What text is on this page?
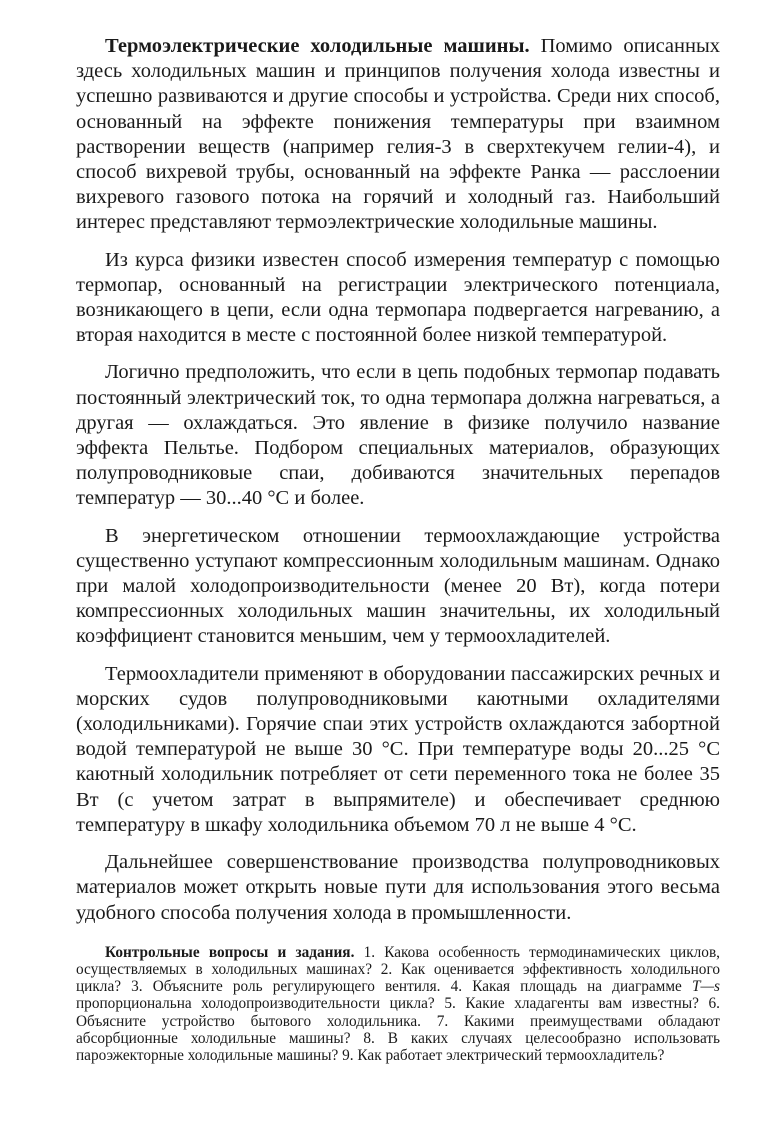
Термоэлектрические холодильные машины. Помимо описанных здесь холодильных машин и принципов получения холода известны и успешно развиваются и другие способы и устройства. Среди них способ, основанный на эффекте понижения температуры при взаимном растворении веществ (например гелия-3 в сверхтекучем гелии-4), и способ вихревой трубы, основанный на эффекте Ранка — расслоении вихревого газового потока на горячий и холодный газ. Наибольший интерес представляют термоэлектрические холодильные машины.

Из курса физики известен способ измерения температур с помощью термопар, основанный на регистрации электрического потенциала, возникающего в цепи, если одна термопара подвергается нагреванию, а вторая находится в месте с постоянной более низкой температурой.

Логично предположить, что если в цепь подобных термопар подавать постоянный электрический ток, то одна термопара должна нагреваться, а другая — охлаждаться. Это явление в физике получило название эффекта Пельтье. Подбором специальных материалов, образующих полупроводниковые спаи, добиваются значительных перепадов температур — 30...40 °С и более.

В энергетическом отношении термоохлаждающие устройства существенно уступают компрессионным холодильным машинам. Однако при малой холодопроизводительности (менее 20 Вт), когда потери компрессионных холодильных машин значительны, их холодильный коэффициент становится меньшим, чем у термоохладителей.

Термоохладители применяют в оборудовании пассажирских речных и морских судов полупроводниковыми каютными охладителями (холодильниками). Горячие спаи этих устройств охлаждаются забортной водой температурой не выше 30 °С. При температуре воды 20...25 °С каютный холодильник потребляет от сети переменного тока не более 35 Вт (с учетом затрат в выпрямителе) и обеспечивает среднюю температуру в шкафу холодильника объемом 70 л не выше 4 °С.

Дальнейшее совершенствование производства полупроводниковых материалов может открыть новые пути для использования этого весьма удобного способа получения холода в промышленности.

Контрольные вопросы и задания. 1. Какова особенность термодинамических циклов, осуществляемых в холодильных машинах? 2. Как оценивается эффективность холодильного цикла? 3. Объясните роль регулирующего вентиля. 4. Какая площадь на диаграмме T—s пропорциональна холодопроизводительности цикла? 5. Какие хладагенты вам известны? 6. Объясните устройство бытового холодильника. 7. Какими преимуществами обладают абсорбционные холодильные машины? 8. В каких случаях целесообразно использовать пароэжекторные холодильные машины? 9. Как работает электрический термоохладитель?
